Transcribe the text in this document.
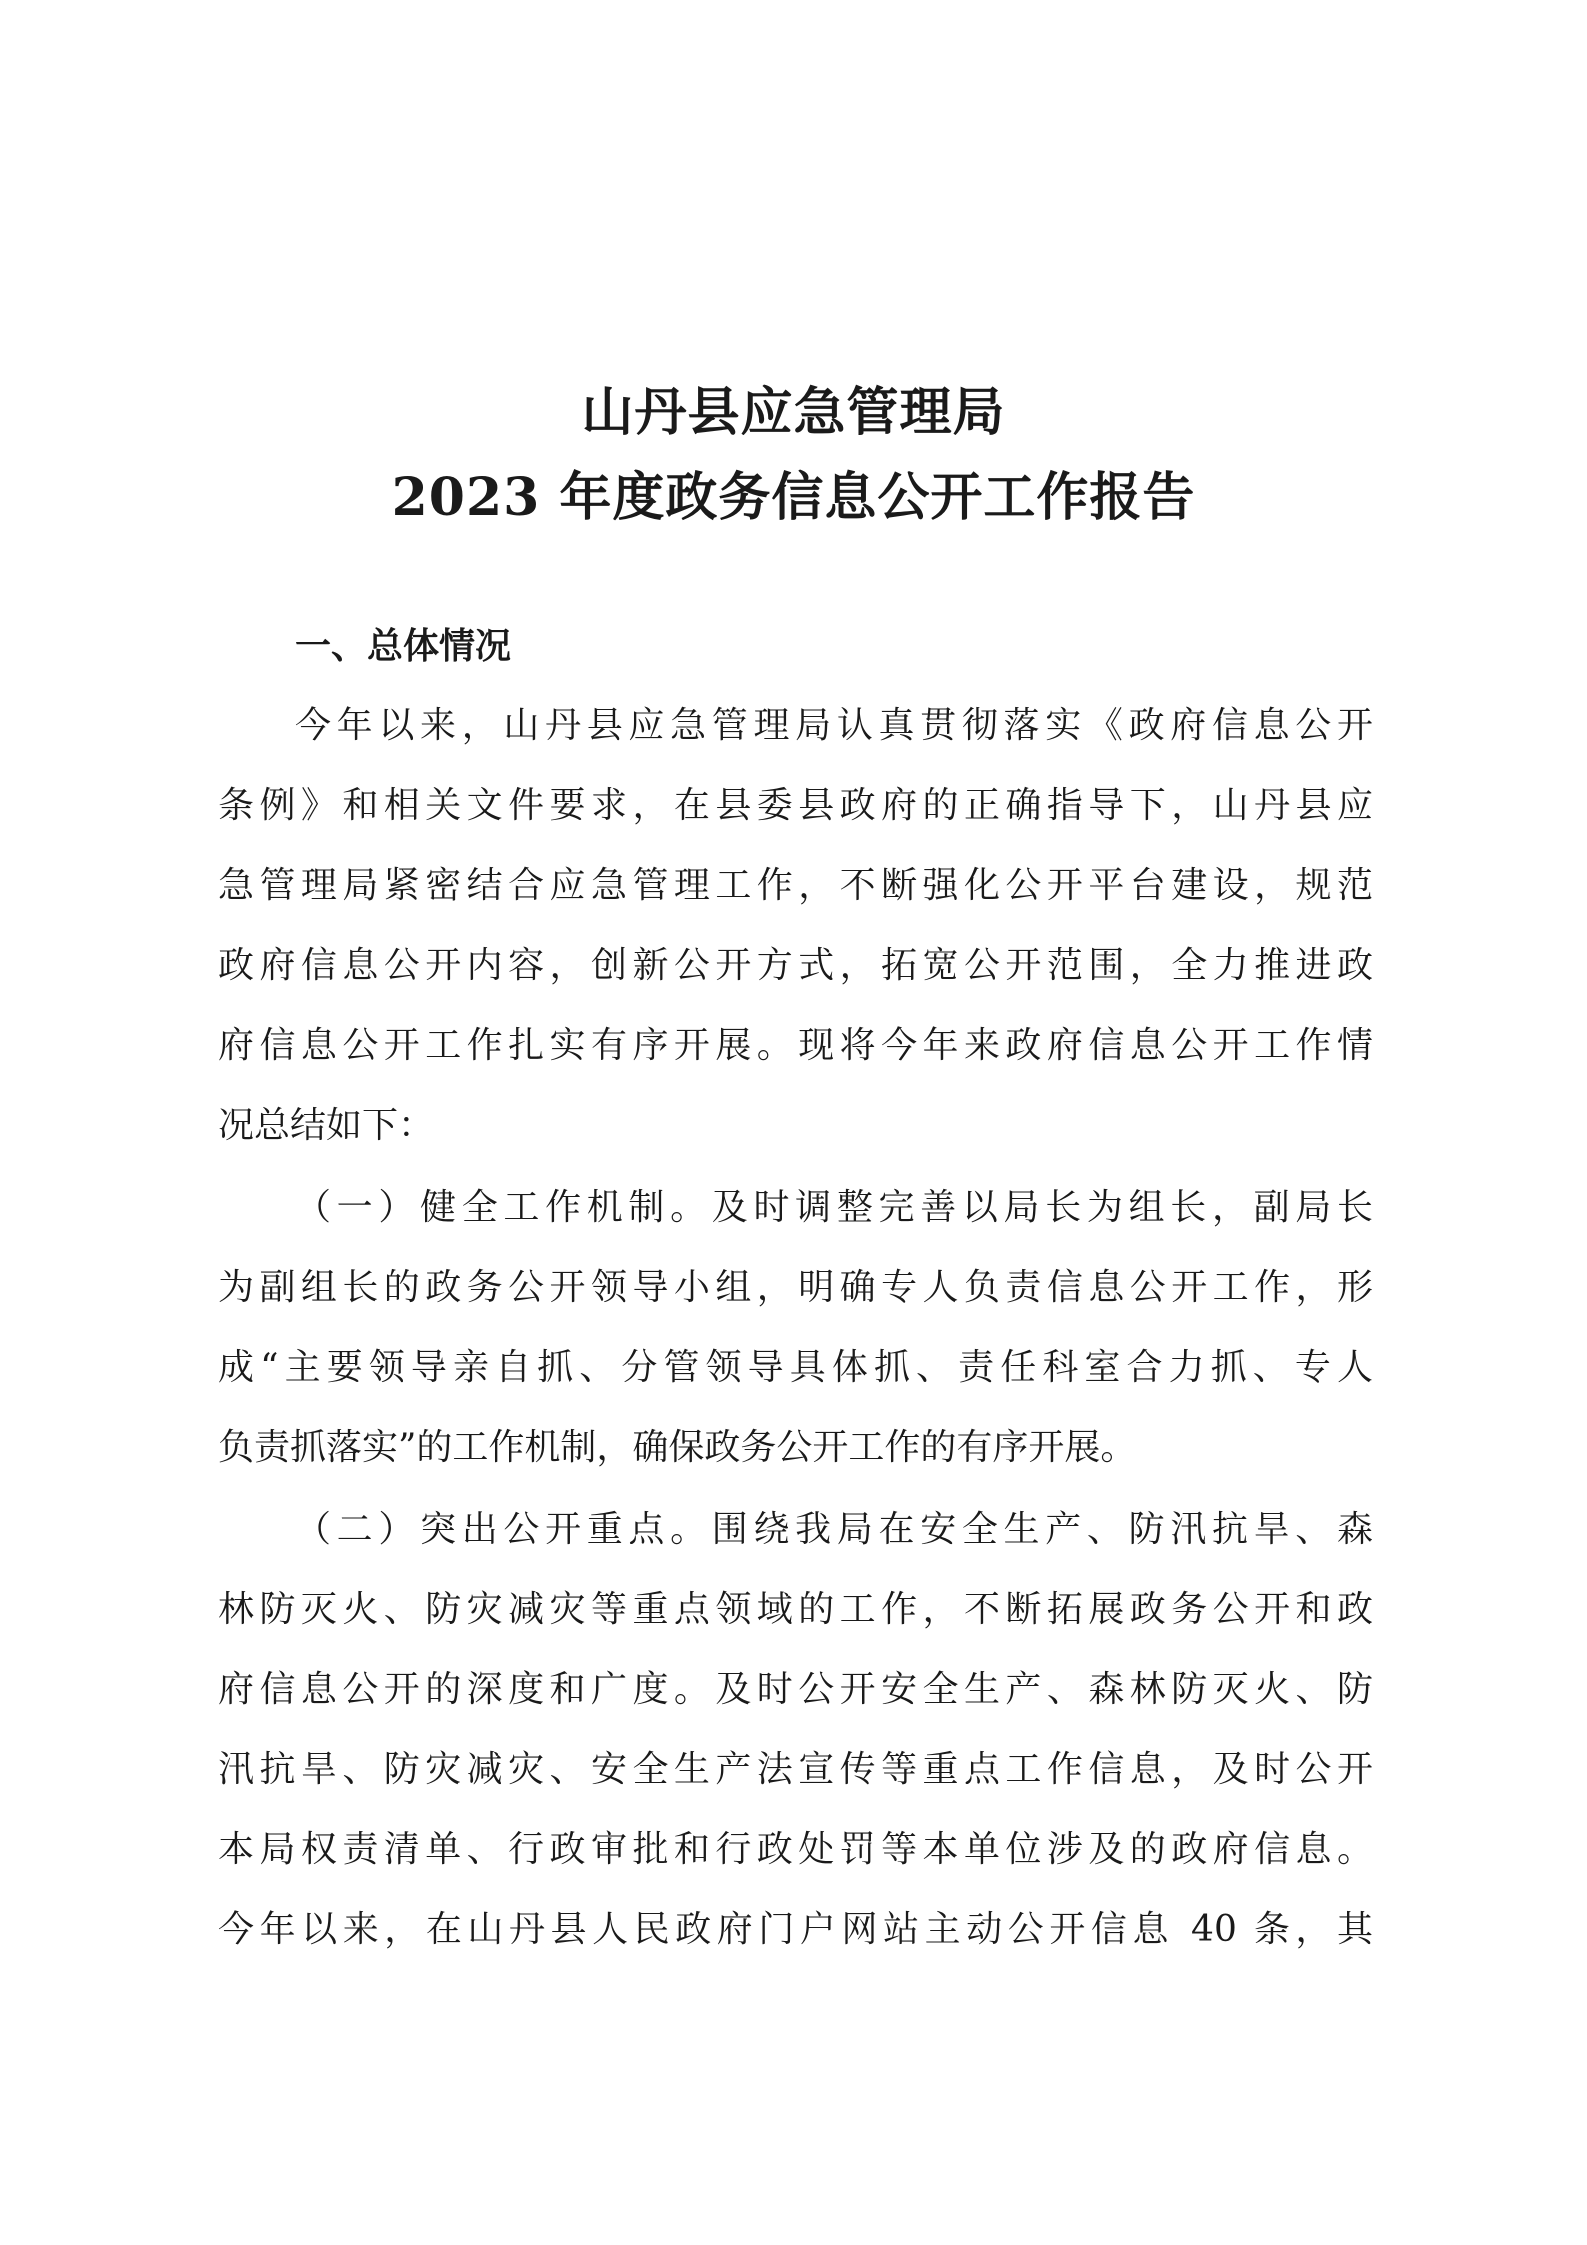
山丹县应急管理局
2023 年度政务信息公开工作报告
一、总体情况

今年以来，山丹县应急管理局认真贯彻落实《政府信息公开

条例》和相关文件要求，在县委县政府的正确指导下，山丹县应

急管理局紧密结合应急管理工作，不断强化公开平台建设，规范

政府信息公开内容，创新公开方式，拓宽公开范围，全力推进政

府信息公开工作扎实有序开展。现将今年来政府信息公开工作情

况总结如下：

（一）健全工作机制。及时调整完善以局长为组长，副局长

为副组长的政务公开领导小组，明确专人负责信息公开工作，形

成“主要领导亲自抓、分管领导具体抓、责任科室合力抓、专人

负责抓落实”的工作机制，确保政务公开工作的有序开展。

（二）突出公开重点。围绕我局在安全生产、防汛抗旱、森

林防灭火、防灾减灾等重点领域的工作，不断拓展政务公开和政

府信息公开的深度和广度。及时公开安全生产、森林防灭火、防

汛抗旱、防灾减灾、安全生产法宣传等重点工作信息，及时公开

本局权责清单、行政审批和行政处罚等本单位涉及的政府信息。

今年以来，在山丹县人民政府门户网站主动公开信息 40 条，其
